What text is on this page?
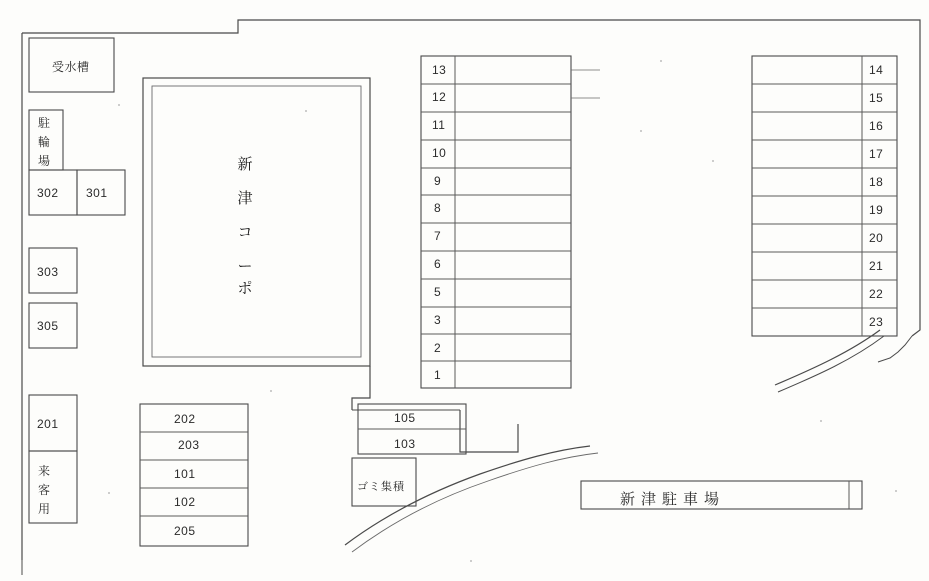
受水槽
駐
輪
場
302 301
303
305
201
来
客
用
新
津
コ
ー
ポ
13
12
11
10
9
8
7
6
5
3
2
1
14
15
16
17
18
19
20
21
22
23
202
203
101
102
205
105
103
ゴミ集積
新津駐車場
